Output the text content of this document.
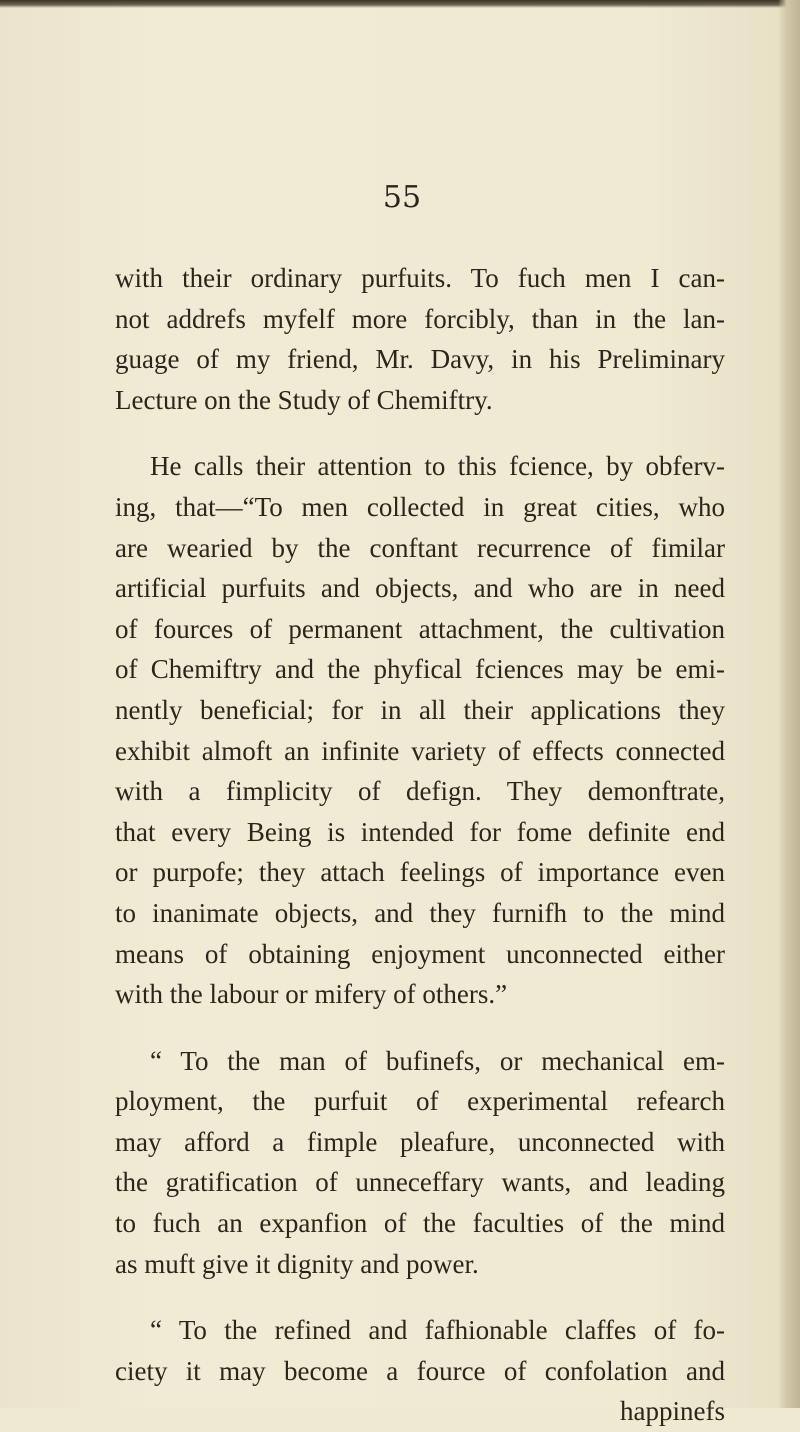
55
with their ordinary purfuits. To fuch men I can-
not addrefs myfelf more forcibly, than in the lan-
guage of my friend, Mr. Davy, in his Preliminary
Lecture on the Study of Chemiftry.
He calls their attention to this fcience, by obferv-
ing, that—“To men collected in great cities, who
are wearied by the conftant recurrence of fimilar
artificial purfuits and objects, and who are in need
of fources of permanent attachment, the cultivation
of Chemiftry and the phyfical fciences may be emi-
nently beneficial; for in all their applications they
exhibit almoft an infinite variety of effects connected
with a fimplicity of defign. They demonftrate,
that every Being is intended for fome definite end
or purpofe; they attach feelings of importance even
to inanimate objects, and they furnifh to the mind
means of obtaining enjoyment unconnected either
with the labour or mifery of others.”
“ To the man of bufinefs, or mechanical em-
ployment, the purfuit of experimental refearch
may afford a fimple pleafure, unconnected with
the gratification of unneceffary wants, and leading
to fuch an expanfion of the faculties of the mind
as muft give it dignity and power.
“ To the refined and fafhionable claffes of fo-
ciety it may become a fource of confolation and
happinefs
